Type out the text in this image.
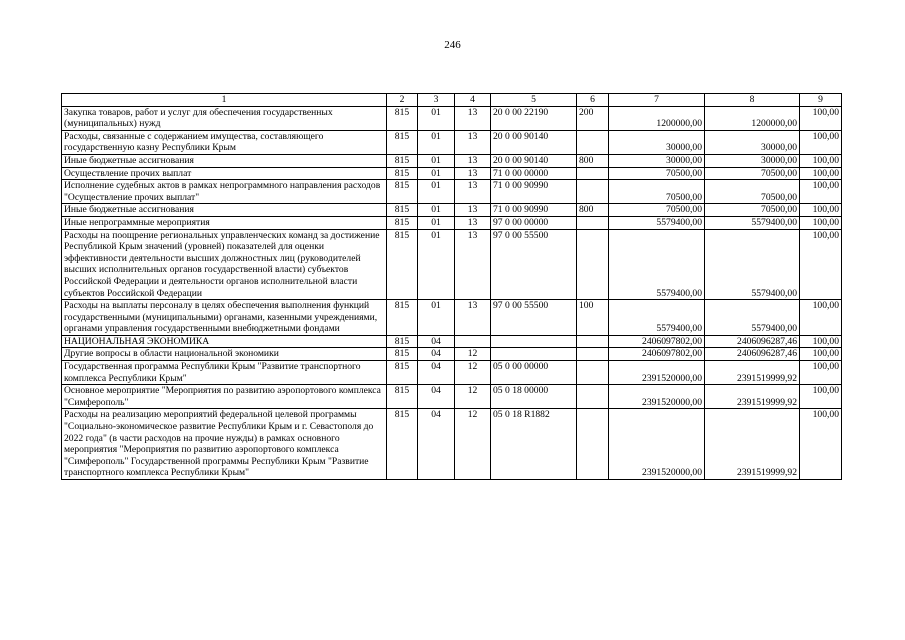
246
1	2	3	4	5	6	7	8	9
Закупка товаров, работ и услуг для обеспечения государственных (муниципальных) нужд	815	01	13	20 0 00 22190	200	1200000,00	1200000,00	100,00
Расходы, связанные с содержанием имущества, составляющего государственную казну Республики Крым	815	01	13	20 0 00 90140		30000,00	30000,00	100,00
Иные бюджетные ассигнования	815	01	13	20 0 00 90140	800	30000,00	30000,00	100,00
Осуществление прочих выплат	815	01	13	71 0 00 00000		70500,00	70500,00	100,00
Исполнение судебных актов в рамках непрограммного направления расходов "Осуществление прочих выплат"	815	01	13	71 0 00 90990		70500,00	70500,00	100,00
Иные бюджетные ассигнования	815	01	13	71 0 00 90990	800	70500,00	70500,00	100,00
Иные непрограммные мероприятия	815	01	13	97 0 00 00000		5579400,00	5579400,00	100,00
Расходы на поощрение региональных управленческих команд за достижение Республикой Крым значений (уровней) показателей для оценки эффективности деятельности высших должностных лиц (руководителей высших исполнительных органов государственной власти) субъектов Российской Федерации и деятельности органов исполнительной власти субъектов Российской Федерации	815	01	13	97 0 00 55500		5579400,00	5579400,00	100,00
Расходы на выплаты персоналу в целях обеспечения выполнения функций государственными (муниципальными) органами, казенными учреждениями, органами управления государственными внебюджетными фондами	815	01	13	97 0 00 55500	100	5579400,00	5579400,00	100,00
НАЦИОНАЛЬНАЯ ЭКОНОМИКА	815	04				2406097802,00	2406096287,46	100,00
Другие вопросы в области национальной экономики	815	04	12			2406097802,00	2406096287,46	100,00
Государственная программа Республики Крым "Развитие транспортного комплекса Республики Крым"	815	04	12	05 0 00 00000		2391520000,00	2391519999,92	100,00
Основное мероприятие "Мероприятия по развитию аэропортового комплекса "Симферополь"	815	04	12	05 0 18 00000		2391520000,00	2391519999,92	100,00
Расходы на реализацию мероприятий федеральной целевой программы "Социально-экономическое развитие Республики Крым и г. Севастополя до 2022 года" (в части расходов на прочие нужды) в рамках основного мероприятия "Мероприятия по развитию аэропортового комплекса "Симферополь" Государственной программы Республики Крым "Развитие транспортного комплекса Республики Крым"	815	04	12	05 0 18 R1882		2391520000,00	2391519999,92	100,00
